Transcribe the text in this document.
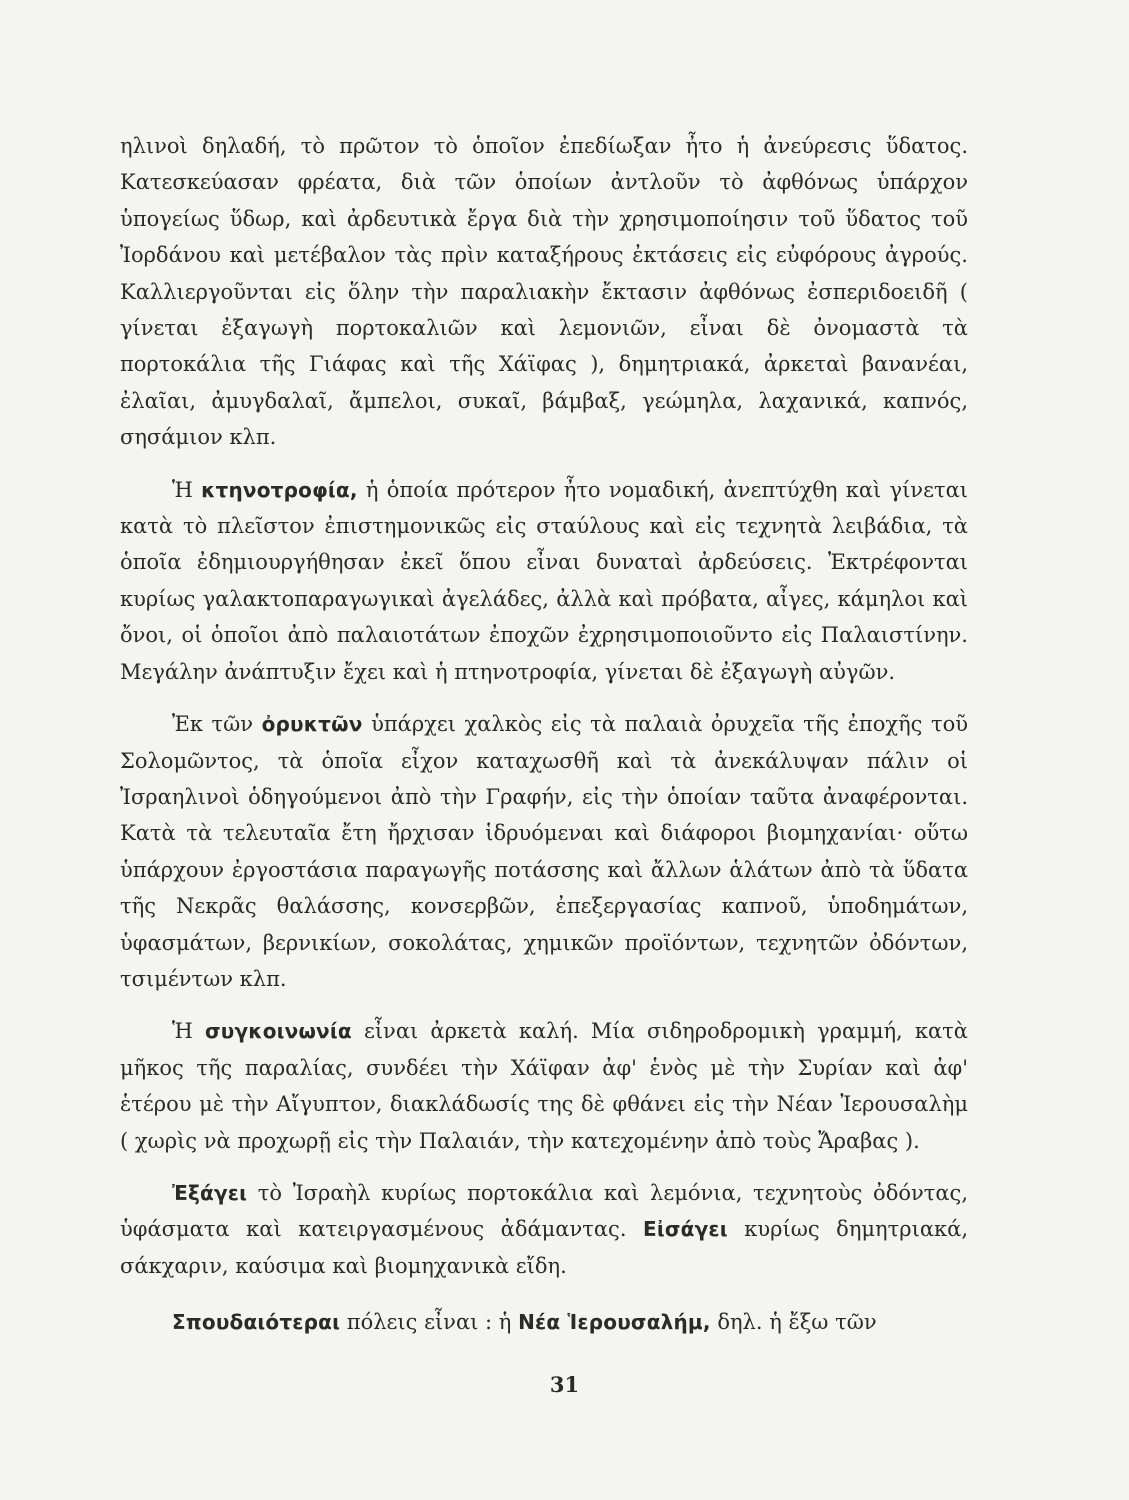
ηλινοὶ δηλαδή, τὸ πρῶτον τὸ ὁποῖον ἐπεδίωξαν ἦτο ἡ ἀνεύρεσις ὕδατος. Κατεσκεύασαν φρέατα, διὰ τῶν ὁποίων ἀντλοῦν τὸ ἀφθόνως ὑπάρχον ὑπογείως ὕδωρ, καὶ ἀρδευτικὰ ἔργα διὰ τὴν χρησιμοποίησιν τοῦ ὕδατος τοῦ Ἰορδάνου καὶ μετέβαλον τὰς πρὶν καταξήρους ἐκτάσεις εἰς εὐφόρους ἀγρούς. Καλλιεργοῦνται εἰς ὅλην τὴν παραλιακὴν ἔκτασιν ἀφθόνως ἐσπεριδοειδῆ ( γίνεται ἐξαγωγὴ πορτοκαλιῶν καὶ λεμονιῶν, εἶναι δὲ ὀνομαστὰ τὰ πορτοκάλια τῆς Γιάφας καὶ τῆς Χάϊφας ), δημητριακά, ἀρκεταὶ βανανέαι, ἐλαῖαι, ἀμυγδαλαῖ, ἄμπελοι, συκαῖ, βάμβαξ, γεώμηλα, λαχανικά, καπνός, σησάμιον κλπ.

Ἡ κτηνοτροφία, ἡ ὁποία πρότερον ἦτο νομαδική, ἀνεπτύχθη καὶ γίνεται κατὰ τὸ πλεῖστον ἐπιστημονικῶς εἰς σταύλους καὶ εἰς τεχνητὰ λειβάδια, τὰ ὁποῖα ἐδημιουργήθησαν ἐκεῖ ὅπου εἶναι δυναταὶ ἀρδεύσεις. Ἐκτρέφονται κυρίως γαλακτοπαραγωγικαὶ ἀγελάδες, ἀλλὰ καὶ πρόβατα, αἶγες, κάμηλοι καὶ ὄνοι, οἱ ὁποῖοι ἀπὸ παλαιοτάτων ἐποχῶν ἐχρησιμοποιοῦντο εἰς Παλαιστίνην. Μεγάλην ἀνάπτυξιν ἔχει καὶ ἡ πτηνοτροφία, γίνεται δὲ ἐξαγωγὴ αὐγῶν.

Ἐκ τῶν ὀρυκτῶν ὑπάρχει χαλκὸς εἰς τὰ παλαιὰ ὀρυχεῖα τῆς ἐποχῆς τοῦ Σολομῶντος, τὰ ὁποῖα εἶχον καταχωσθῆ καὶ τὰ ἀνεκάλυψαν πάλιν οἱ Ἰσραηλινοὶ ὁδηγούμενοι ἀπὸ τὴν Γραφήν, εἰς τὴν ὁποίαν ταῦτα ἀναφέρονται. Κατὰ τὰ τελευταῖα ἔτη ἤρχισαν ἱδρυόμεναι καὶ διάφοροι βιομηχανίαι· οὕτω ὑπάρχουν ἐργοστάσια παραγωγῆς ποτάσσης καὶ ἄλλων ἁλάτων ἀπὸ τὰ ὕδατα τῆς Νεκρᾶς θαλάσσης, κονσερβῶν, ἐπεξεργασίας καπνοῦ, ὑποδημάτων, ὑφασμάτων, βερνικίων, σοκολάτας, χημικῶν προϊόντων, τεχνητῶν ὀδόντων, τσιμέντων κλπ.

Ἡ συγκοινωνία εἶναι ἀρκετὰ καλή. Μία σιδηροδρομικὴ γραμμή, κατὰ μῆκος τῆς παραλίας, συνδέει τὴν Χάϊφαν ἀφ' ἑνὸς μὲ τὴν Συρίαν καὶ ἀφ' ἑτέρου μὲ τὴν Αἴγυπτον, διακλάδωσίς της δὲ φθάνει εἰς τὴν Νέαν Ἰερουσαλὴμ ( χωρὶς νὰ προχωρῇ εἰς τὴν Παλαιάν, τὴν κατεχομένην ἀπὸ τοὺς Ἄραβας ).

Ἐξάγει τὸ Ἰσραὴλ κυρίως πορτοκάλια καὶ λεμόνια, τεχνητοὺς ὀδόντας, ὑφάσματα καὶ κατειργασμένους ἀδάμαντας. Εἰσάγει κυρίως δημητριακά, σάκχαριν, καύσιμα καὶ βιομηχανικὰ εἴδη.

Σπουδαιότεραι πόλεις εἶναι : ἡ Νέα Ἱερουσαλήμ, δηλ. ἡ ἔξω τῶν

31
